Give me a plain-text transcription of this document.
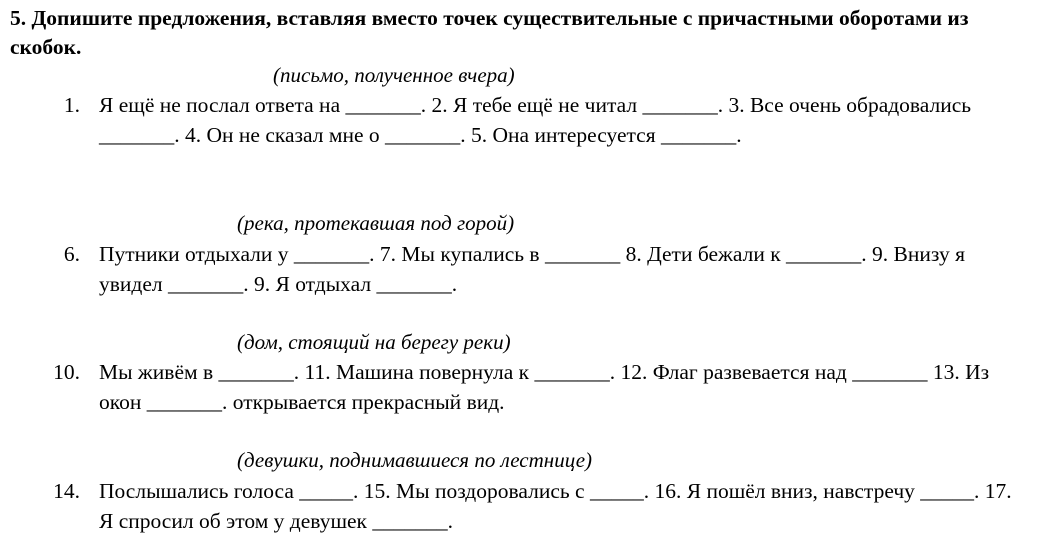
5. Допишите предложения, вставляя вместо точек существительные с причастными оборотами из скобок.
(письмо, полученное вчера)
1. Я ещё не послал ответа на _______. 2. Я тебе ещё не читал _______. 3. Все очень обрадовались _______. 4. Он не сказал мне о _______. 5. Она интересуется _______.
(река, протекавшая под горой)
6. Путники отдыхали у _______. 7. Мы купались в _______ 8. Дети бежали к _______. 9. Внизу я увидел _______. 9. Я отдыхал _______.
(дом, стоящий на берегу реки)
10. Мы живём в _______. 11. Машина повернула к _______. 12. Флаг развевается над _______ 13. Из окон _______. открывается прекрасный вид.
(девушки, поднимавшиеся по лестнице)
14. Послышались голоса _____. 15. Мы поздоровались с _____. 16. Я пошёл вниз, навстречу _____. 17. Я спросил об этом у девушек _______.
